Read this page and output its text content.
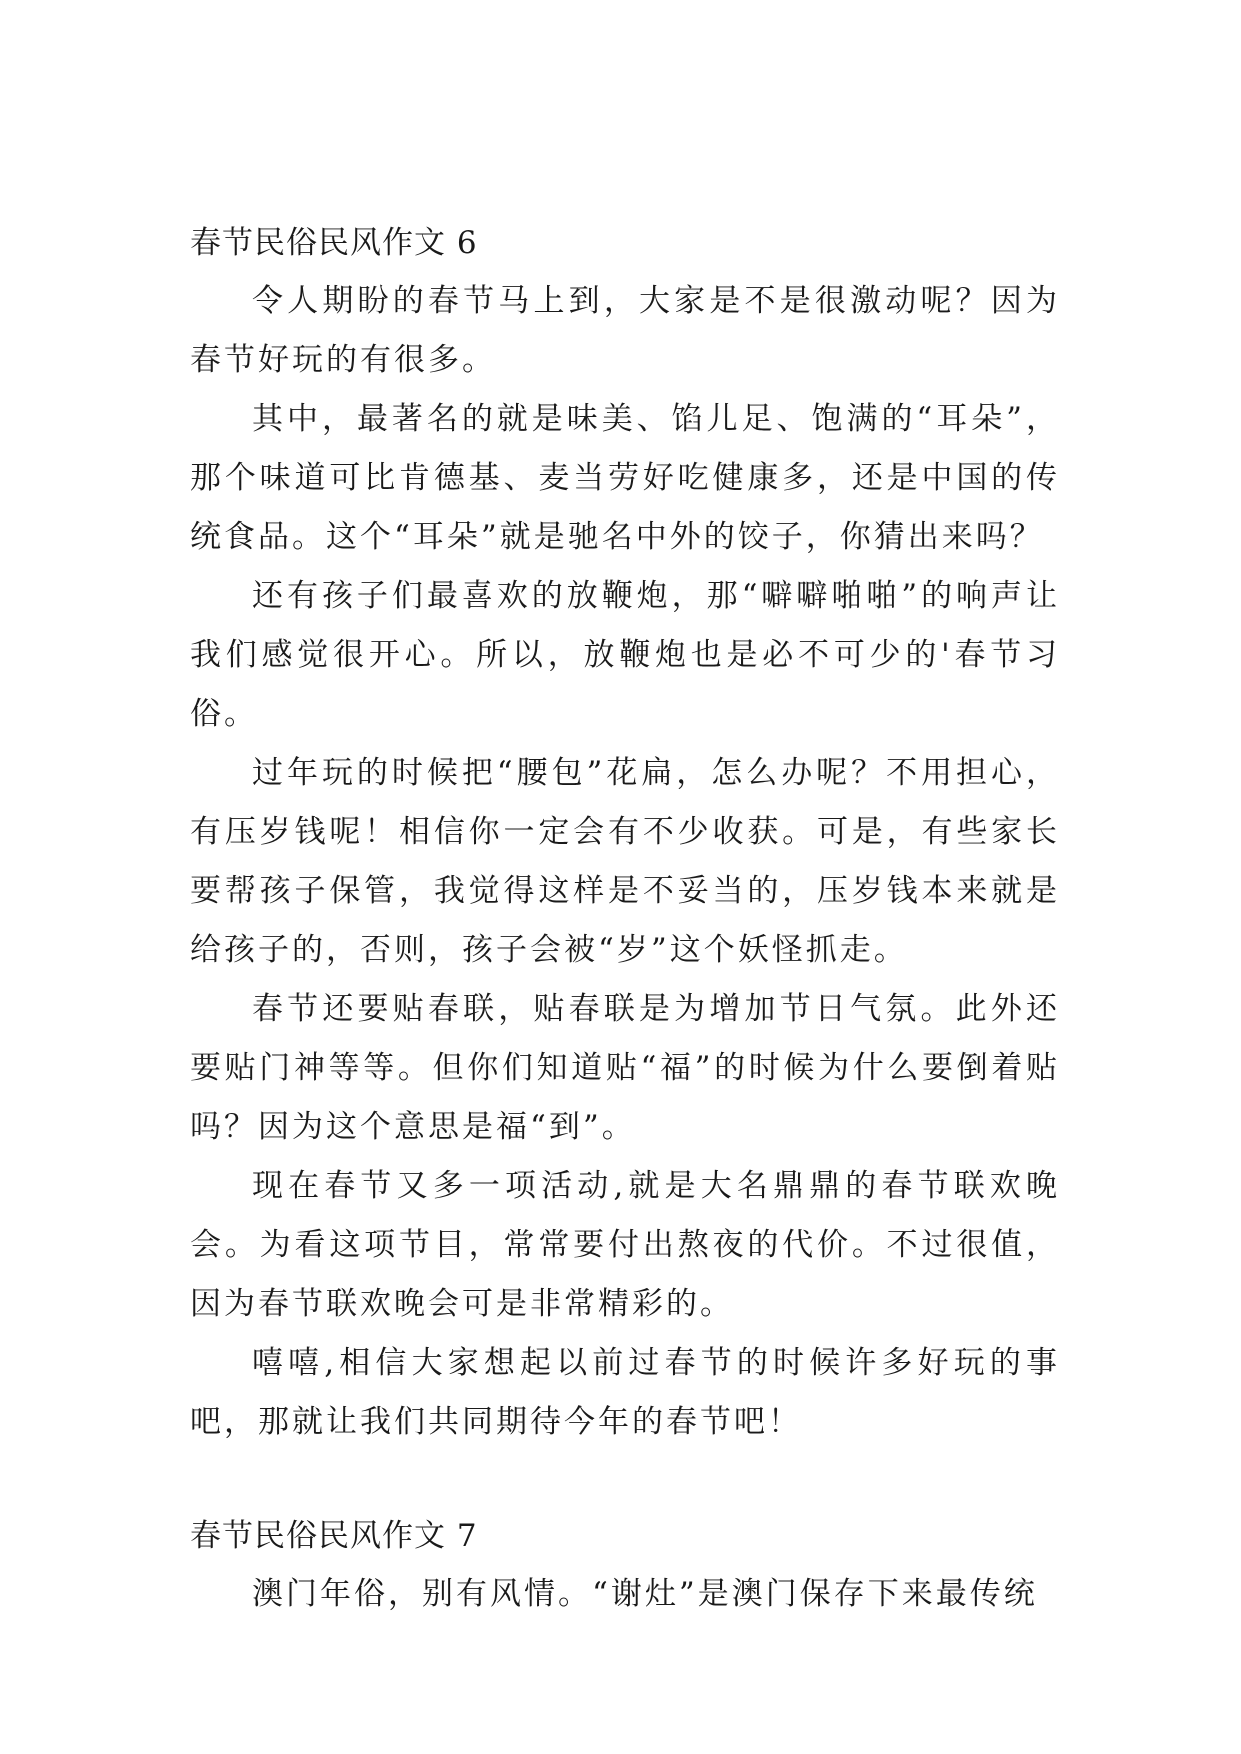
春节民俗民风作文 6

令人期盼的春节马上到，大家是不是很激动呢？因为春节好玩的有很多。

其中，最著名的就是味美、馅儿足、饱满的“耳朵”，那个味道可比肯德基、麦当劳好吃健康多，还是中国的传统食品。这个“耳朵”就是驰名中外的饺子，你猜出来吗？

还有孩子们最喜欢的放鞭炮，那“噼噼啪啪”的响声让我们感觉很开心。所以，放鞭炮也是必不可少的'春节习俗。

过年玩的时候把“腰包”花扁，怎么办呢？不用担心，有压岁钱呢！相信你一定会有不少收获。可是，有些家长要帮孩子保管，我觉得这样是不妥当的，压岁钱本来就是给孩子的，否则，孩子会被“岁”这个妖怪抓走。

春节还要贴春联，贴春联是为增加节日气氛。此外还要贴门神等等。但你们知道贴“福”的时候为什么要倒着贴吗？因为这个意思是福“到”。

现在春节又多一项活动,就是大名鼎鼎的春节联欢晚会。为看这项节目，常常要付出熬夜的代价。不过很值，因为春节联欢晚会可是非常精彩的。

嘻嘻,相信大家想起以前过春节的时候许多好玩的事吧，那就让我们共同期待今年的春节吧！

春节民俗民风作文 7

澳门年俗，别有风情。“谢灶”是澳门保存下来最传统
